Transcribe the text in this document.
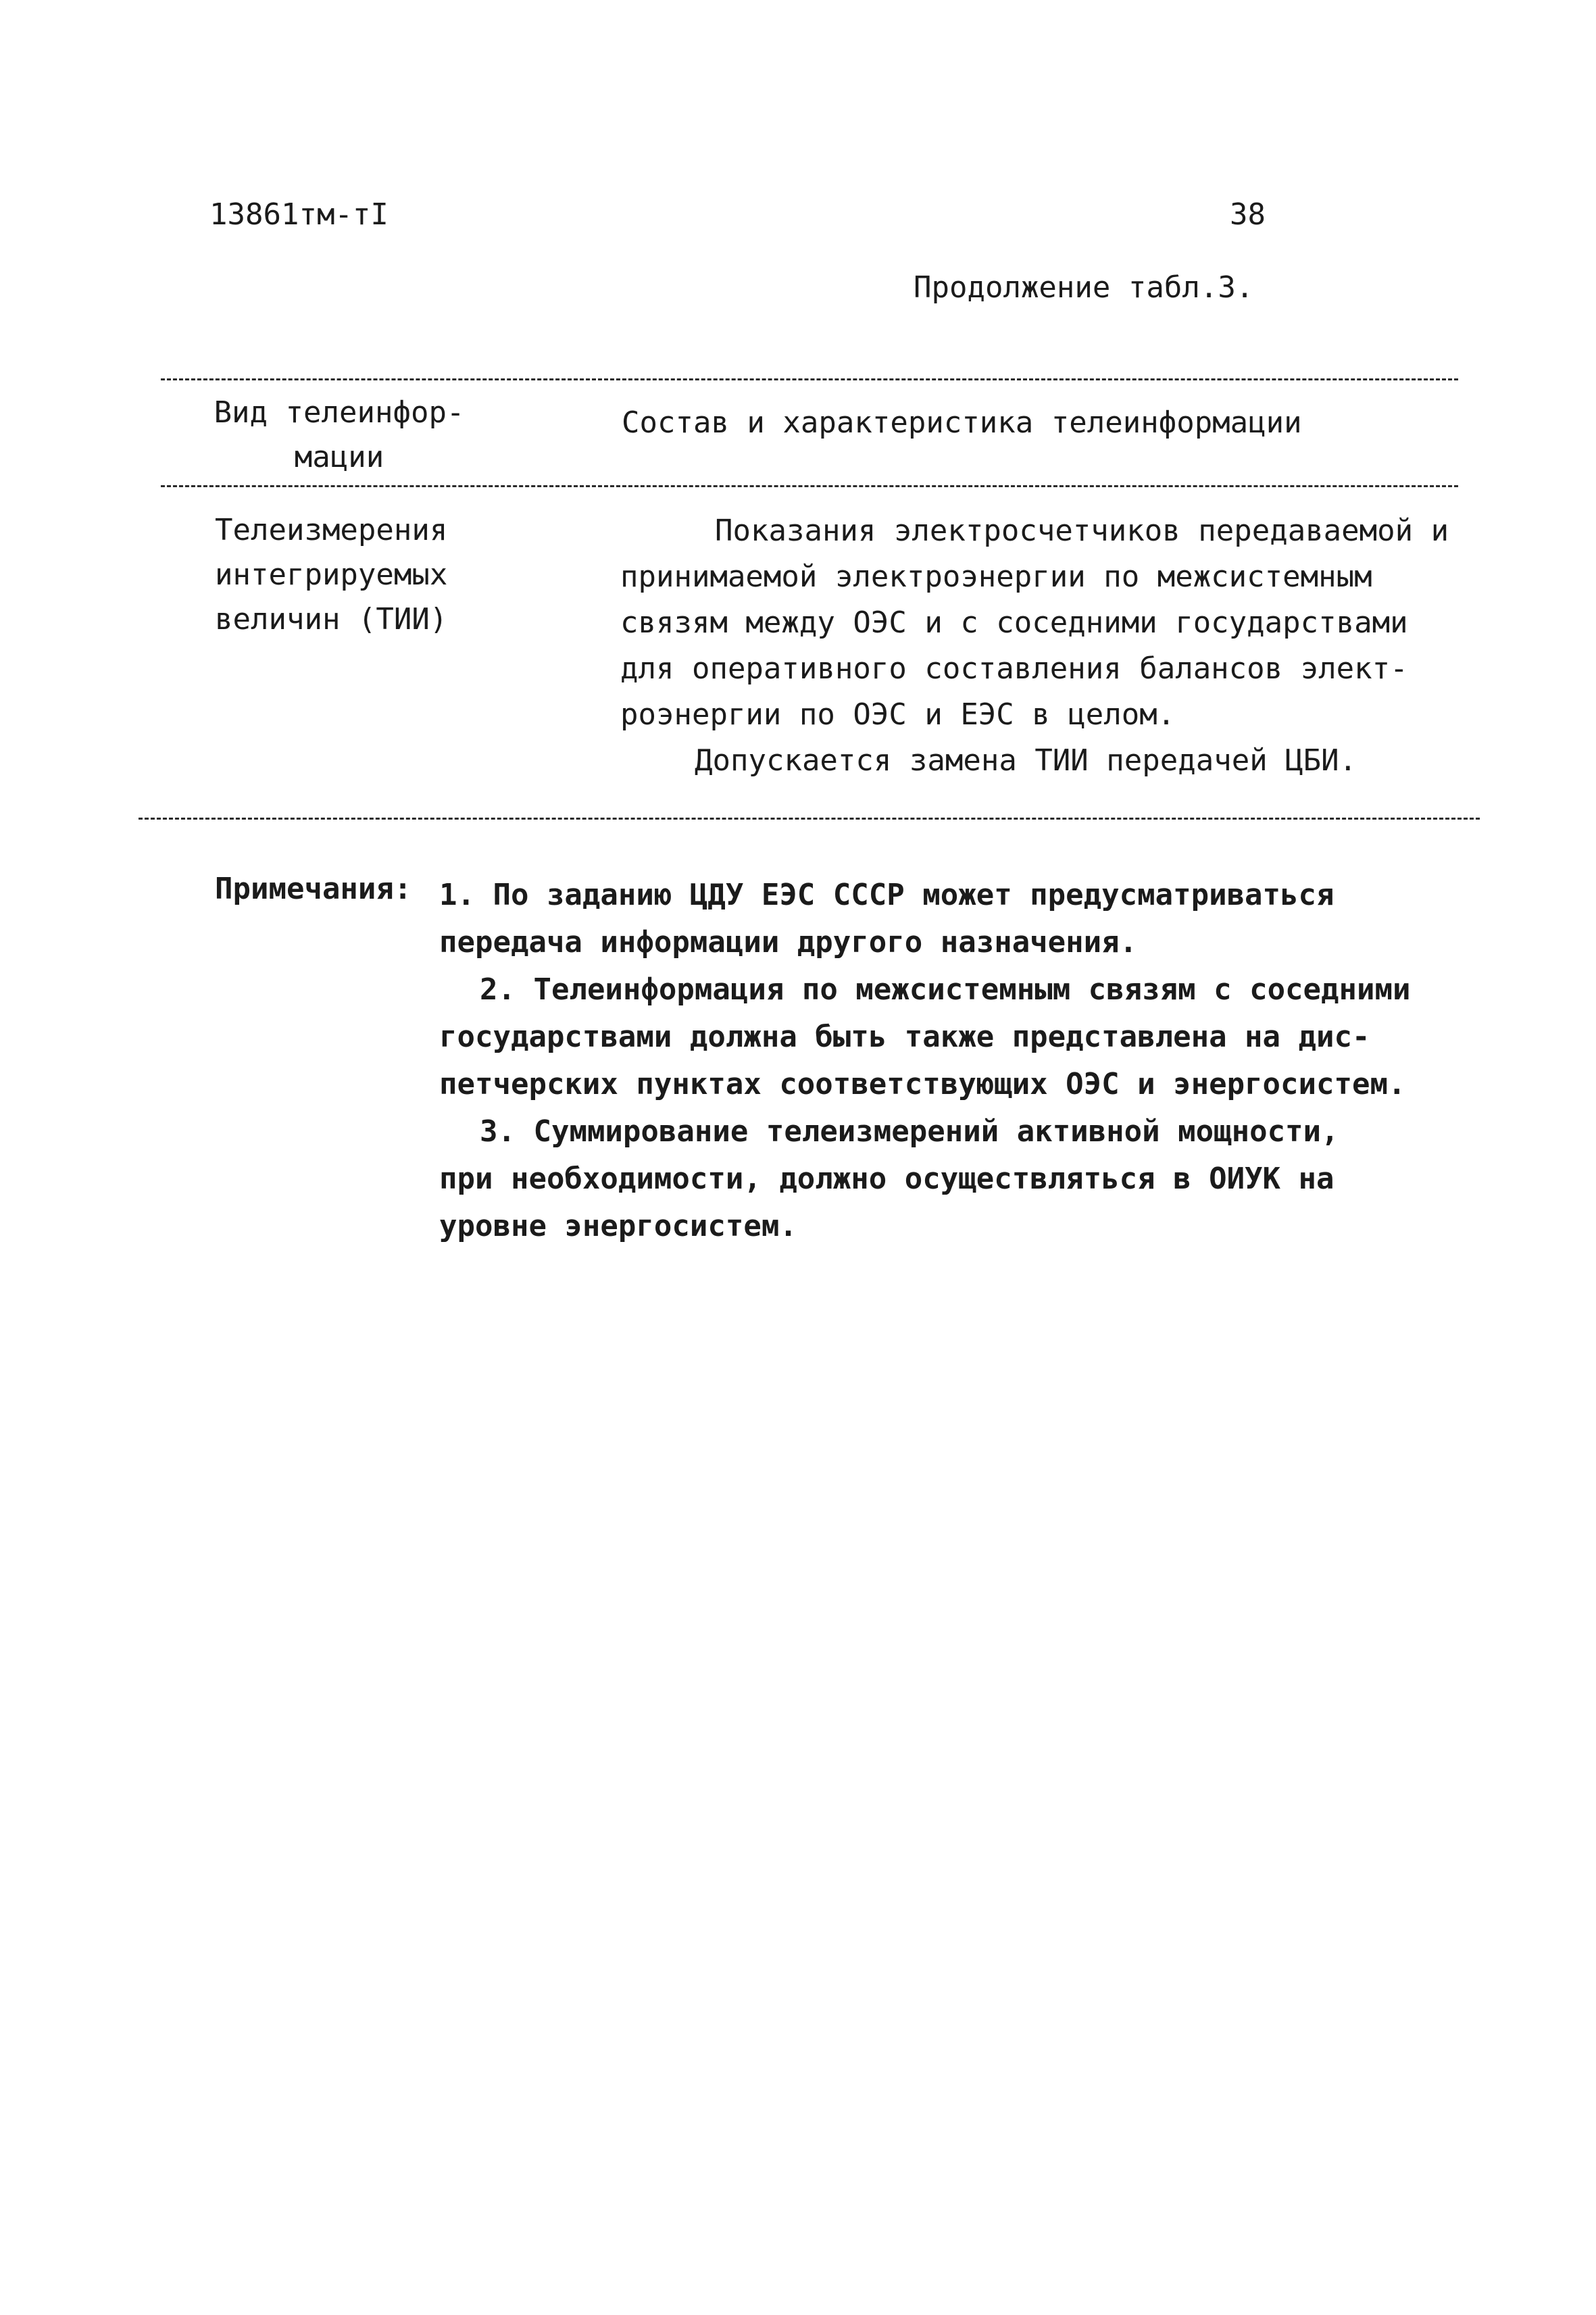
13861тм-тI	38
Продолжение табл.3.
Вид телеинфор-
мации
Состав и характеристика телеинформации
Телеизмерения
интегрируемых
величин (ТИИ)
Показания электросчетчиков передаваемой и
принимаемой электроэнергии по межсистемным
связям между ОЭС и с соседними государствами
для оперативного составления балансов элект-
роэнергии по ОЭС и ЕЭС в целом.
Допускается замена ТИИ передачей ЦБИ.
Примечания: 1. По заданию ЦДУ ЕЭС СССР может предусматриваться
передача информации другого назначения.
2. Телеинформация по межсистемным связям с соседними
государствами должна быть также представлена на дис-
петчерских пунктах соответствующих ОЭС и энергосистем.
3. Суммирование телеизмерений активной мощности,
при необходимости, должно осуществляться в ОИУК на
уровне энергосистем.
